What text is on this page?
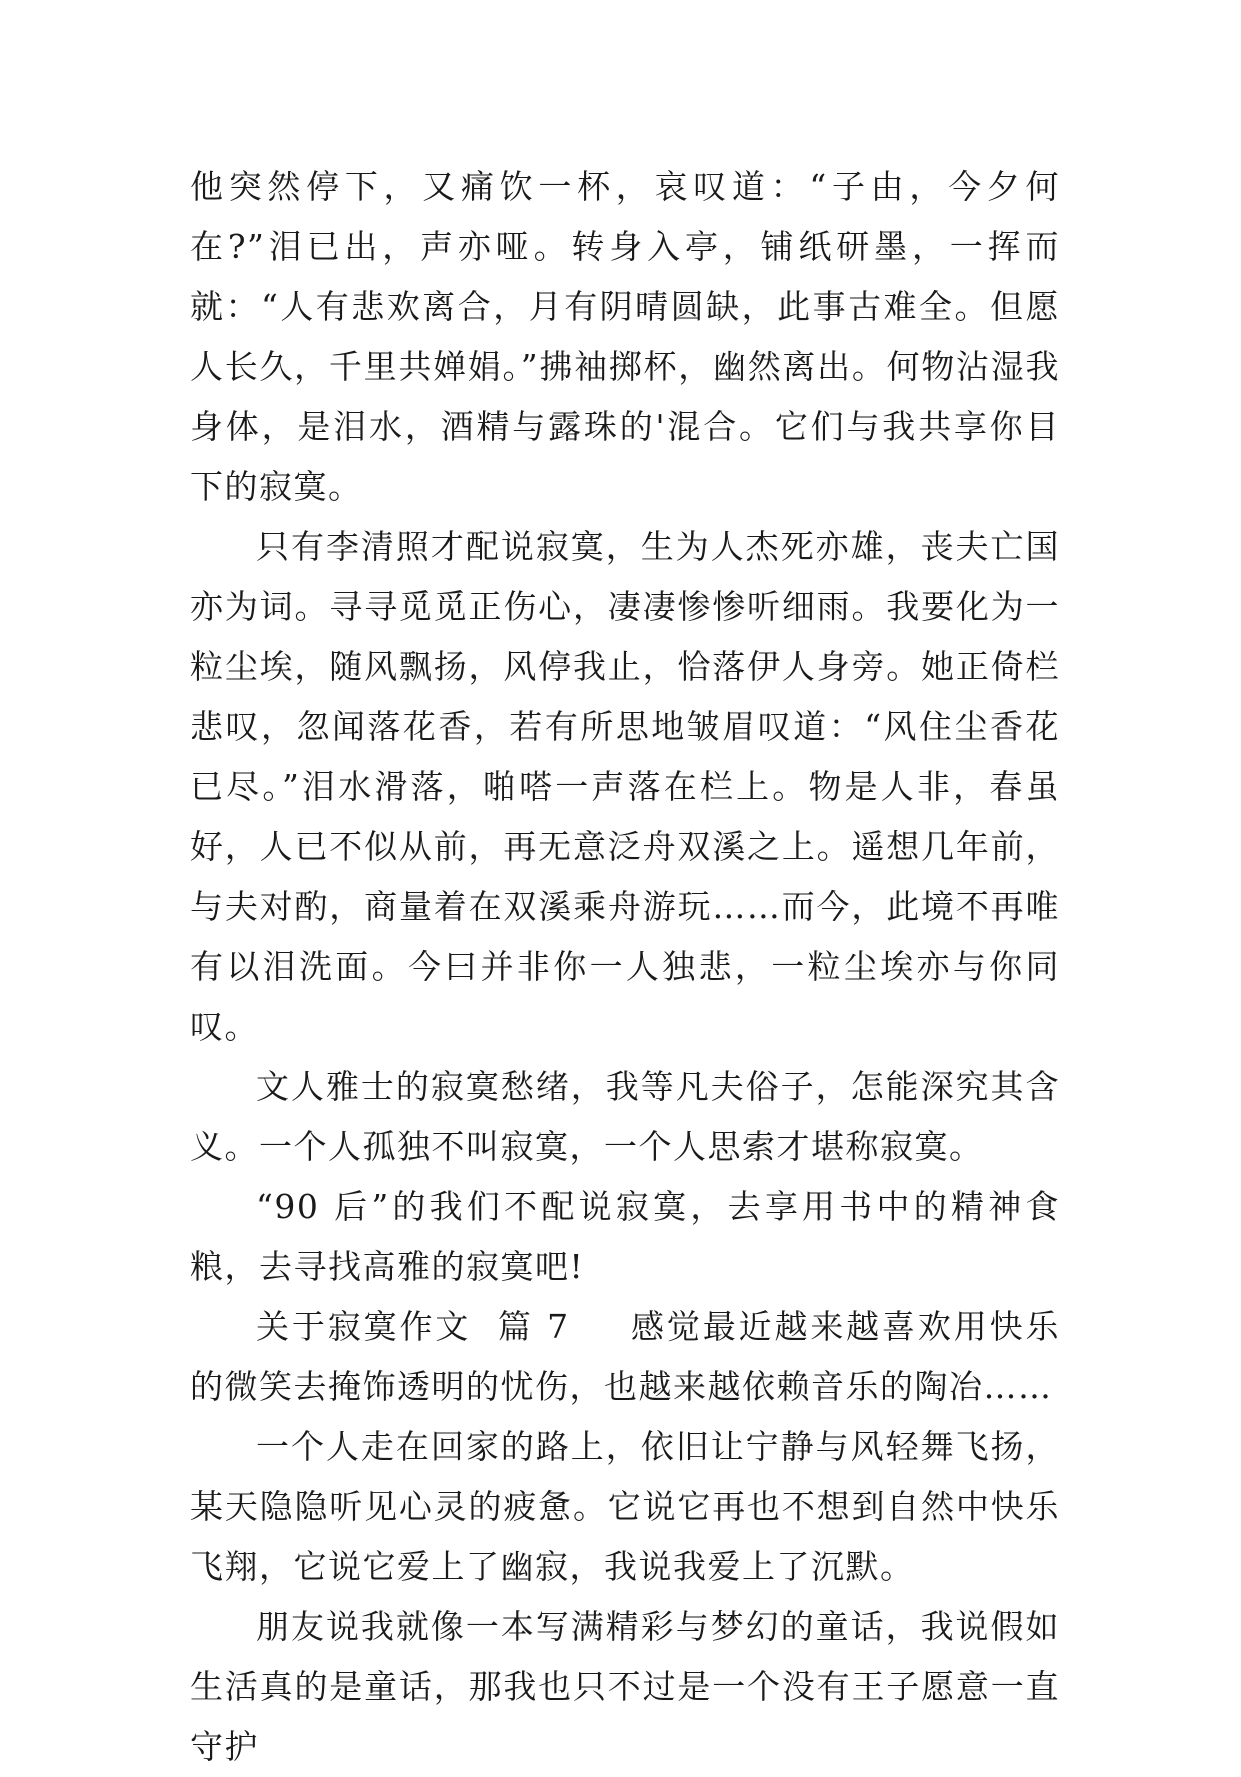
他突然停下，又痛饮一杯，哀叹道：“子由，今夕何在?”泪已出，声亦哑。转身入亭，铺纸研墨，一挥而就：“人有悲欢离合，月有阴晴圆缺，此事古难全。但愿人长久，千里共婵娟。”拂袖掷杯，幽然离出。何物沾湿我身体，是泪水，酒精与露珠的'混合。它们与我共享你目下的寂寞。

只有李清照才配说寂寞，生为人杰死亦雄，丧夫亡国亦为词。寻寻觅觅正伤心，凄凄惨惨听细雨。我要化为一粒尘埃，随风飘扬，风停我止，恰落伊人身旁。她正倚栏悲叹，忽闻落花香，若有所思地皱眉叹道：“风住尘香花已尽。”泪水滑落，啪嗒一声落在栏上。物是人非，春虽好，人已不似从前，再无意泛舟双溪之上。遥想几年前，与夫对酌，商量着在双溪乘舟游玩……而今，此境不再唯有以泪洗面。今曰并非你一人独悲，一粒尘埃亦与你同叹。

文人雅士的寂寞愁绪，我等凡夫俗子，怎能深究其含义。一个人孤独不叫寂寞，一个人思索才堪称寂寞。

“90 后”的我们不配说寂寞，去享用书中的精神食粮，去寻找高雅的寂寞吧!

关于寂寞作文  篇 7 感觉最近越来越喜欢用快乐的微笑去掩饰透明的忧伤，也越来越依赖音乐的陶冶……

一个人走在回家的路上，依旧让宁静与风轻舞飞扬，某天隐隐听见心灵的疲惫。它说它再也不想到自然中快乐飞翔，它说它爱上了幽寂，我说我爱上了沉默。

朋友说我就像一本写满精彩与梦幻的童话，我说假如生活真的是童话，那我也只不过是一个没有王子愿意一直守护
